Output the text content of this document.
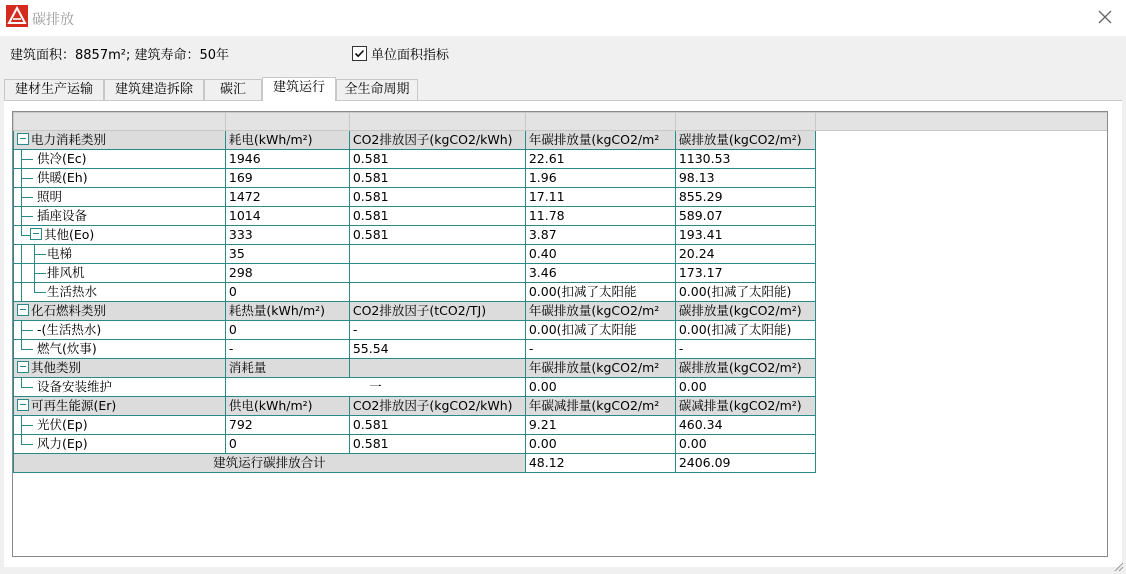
碳排放
建筑面积：8857m²; 建筑寿命：50年	单位面积指标
建材生产运输	建筑建造拆除	碳汇	建筑运行	全生命周期

电力消耗类别	耗电(kWh/m²)	CO2排放因子(kgCO2/kWh)	年碳排放量(kgCO2/m²	碳排放量(kgCO2/m²)	

供冷(Ec)	1946	0.581	22.61	1130.53	

供暖(Eh)	169	0.581	1.96	98.13	

照明	1472	0.581	17.11	855.29	

插座设备	1014	0.581	11.78	589.07	

其他(Eo)	333	0.581	3.87	193.41	

电梯	35		0.40	20.24	

排风机	298		3.46	173.17	

生活热水	0		0.00(扣减了太阳能	0.00(扣减了太阳能)	
化石燃料类别	耗热量(kWh/m²)	CO2排放因子(tCO2/TJ)	年碳排放量(kgCO2/m²	碳排放量(kgCO2/m²)	

-(生活热水)	0	-	0.00(扣减了太阳能	0.00(扣减了太阳能)	

燃气(炊事)	-	55.54	-	-	
其他类别	消耗量		年碳排放量(kgCO2/m²	碳排放量(kgCO2/m²)	

设备安装维护	一		0.00	0.00	
可再生能源(Er)	供电(kWh/m²)	CO2排放因子(kgCO2/kWh)	年碳减排量(kgCO2/m²	碳减排量(kgCO2/m²)	

光伏(Ep)	792	0.581	9.21	460.34	

风力(Ep)	0	0.581	0.00	0.00	
建筑运行碳排放合计			48.12	2406.09	
